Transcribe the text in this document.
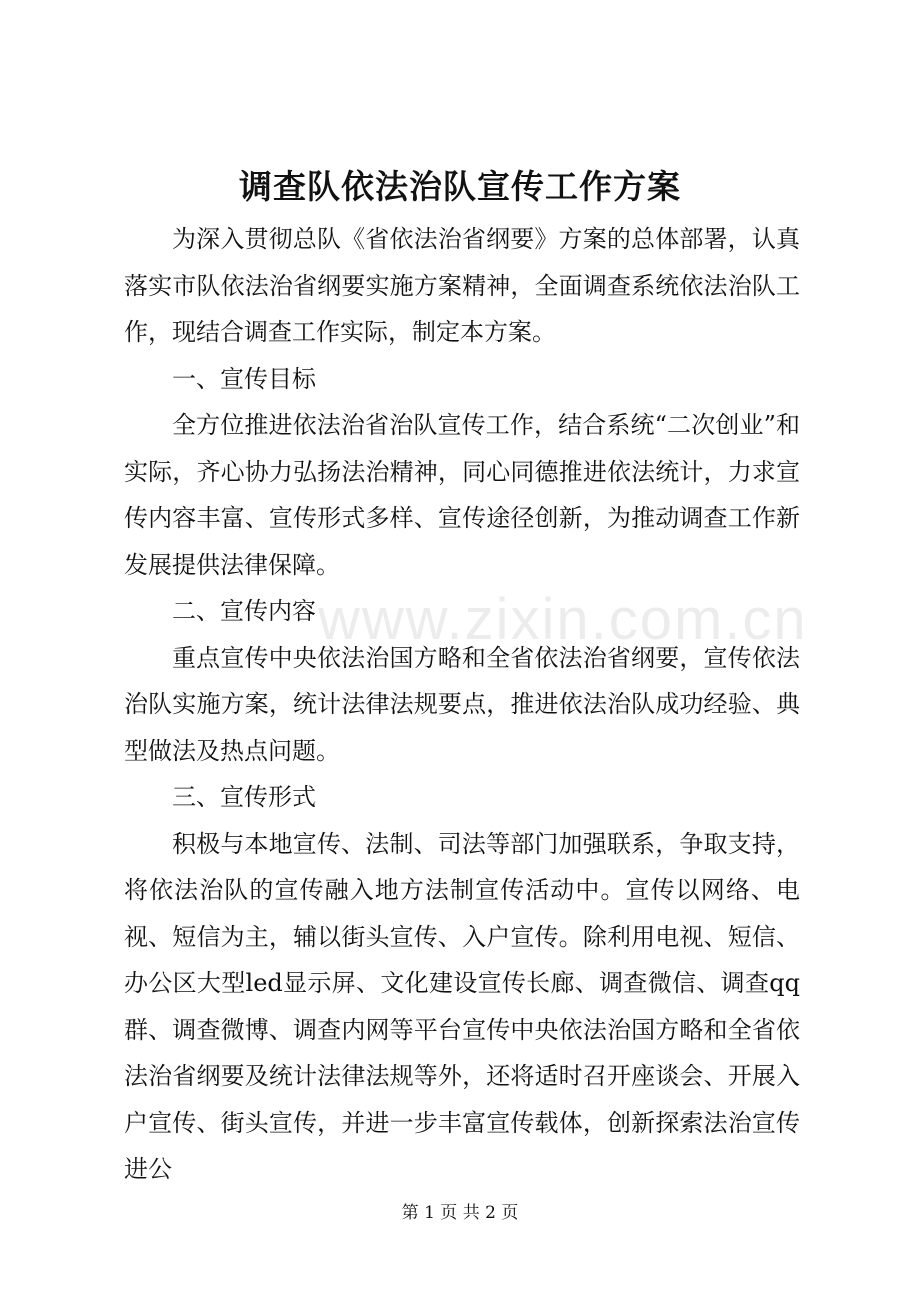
调查队依法治队宣传工作方案

为深入贯彻总队《省依法治省纲要》方案的总体部署，认真落实市队依法治省纲要实施方案精神，全面调查系统依法治队工作，现结合调查工作实际，制定本方案。

一、宣传目标

全方位推进依法治省治队宣传工作，结合系统“二次创业”和实际，齐心协力弘扬法治精神，同心同德推进依法统计，力求宣传内容丰富、宣传形式多样、宣传途径创新，为推动调查工作新发展提供法律保障。

二、宣传内容

重点宣传中央依法治国方略和全省依法治省纲要，宣传依法治队实施方案，统计法律法规要点，推进依法治队成功经验、典型做法及热点问题。

三、宣传形式

积极与本地宣传、法制、司法等部门加强联系，争取支持，将依法治队的宣传融入地方法制宣传活动中。宣传以网络、电视、短信为主，辅以街头宣传、入户宣传。除利用电视、短信、办公区大型led显示屏、文化建设宣传长廊、调查微信、调查qq群、调查微博、调查内网等平台宣传中央依法治国方略和全省依法治省纲要及统计法律法规等外，还将适时召开座谈会、开展入户宣传、街头宣传，并进一步丰富宣传载体，创新探索法治宣传进公

www.zixin.com.cn
第 1 页 共 2 页
